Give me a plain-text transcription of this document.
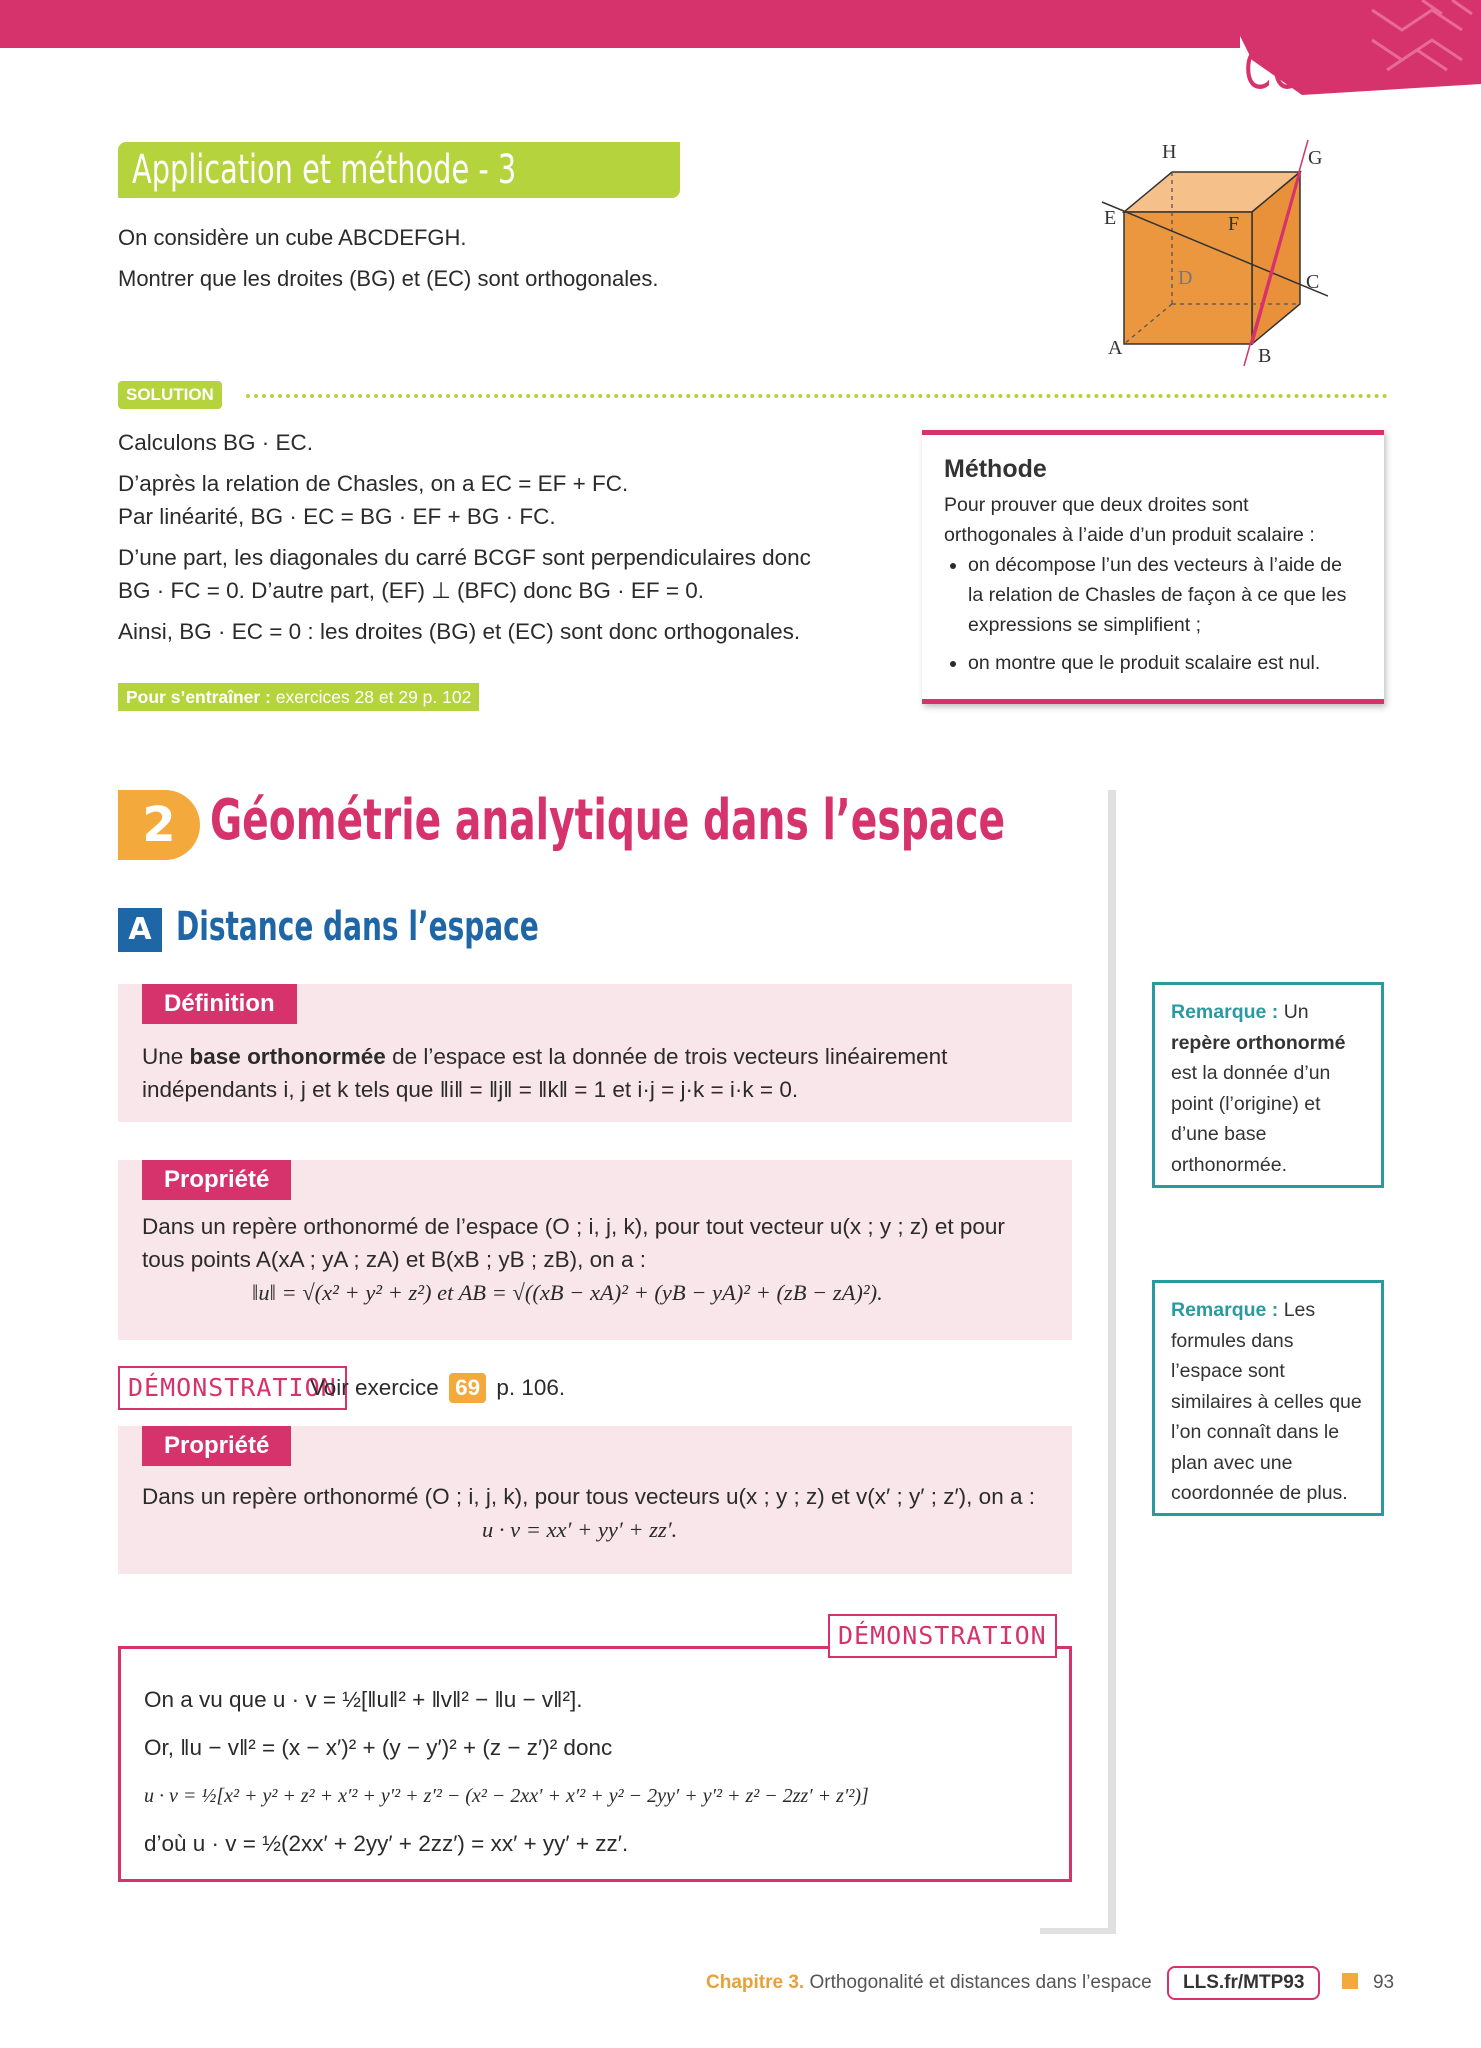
COURS
Application et méthode - 3
On considère un cube ABCDEFGH.
Montrer que les droites (BG) et (EC) sont orthogonales.
H	G
E	F
D	C
A	B
SOLUTION

Calculons BG · EC.

D’après la relation de Chasles, on a EC = EF + FC.

Par linéarité, BG · EC = BG · EF + BG · FC.

D’une part, les diagonales du carré BCGF sont perpendiculaires donc

BG · FC = 0. D’autre part, (EF) ⊥ (BFC) donc BG · EF = 0.

Ainsi, BG · EC = 0 : les droites (BG) et (EC) sont donc orthogonales.

Pour s’entraîner : exercices 28 et 29 p. 102
Méthode

Pour prouver que deux droites sont orthogonales à l’aide d’un produit scalaire :

• on décompose l’un des vecteurs à l’aide de la relation de Chasles de façon à ce que les expressions se simplifient ;
• on montre que le produit scalaire est nul.
2 Géométrie analytique dans l’espace
A Distance dans l’espace
Définition
Une base orthonormée de l’espace est la donnée de trois vecteurs linéairement
indépendants i, j et k tels que ‖i‖ = ‖j‖ = ‖k‖ = 1 et i·j = j·k = i·k = 0.
Propriété
Dans un repère orthonormé de l’espace (O ; i, j, k), pour tout vecteur u(x ; y ; z) et pour
tous points A(xA ; yA ; zA) et B(xB ; yB ; zB), on a :
‖u‖ = √(x² + y² + z²) et AB = √((xB − xA)² + (yB − yA)² + (zB − zA)²).
DÉMONSTRATION
Voir exercice 69 p. 106.
Propriété
Dans un repère orthonormé (O ; i, j, k), pour tous vecteurs u(x ; y ; z) et v(x′ ; y′ ; z′), on a :
u · v = xx′ + yy′ + zz′.
DÉMONSTRATION
On a vu que u · v = ½[‖u‖² + ‖v‖² − ‖u − v‖²].
Or, ‖u − v‖² = (x − x′)² + (y − y′)² + (z − z′)² donc
u · v = ½[x² + y² + z² + x′² + y′² + z′² − (x² − 2xx′ + x′² + y² − 2yy′ + y′² + z² − 2zz′ + z′²)]
d’où u · v = ½(2xx′ + 2yy′ + 2zz′) = xx′ + yy′ + zz′.
Remarque : Un repère orthonormé est la donnée d’un point (l’origine) et d’une base orthonormée.
Remarque : Les formules dans l’espace sont similaires à celles que l’on connaît dans le plan avec une coordonnée de plus.
Chapitre 3. Orthogonalité et distances dans l’espace LLS.fr/MTP93	93
